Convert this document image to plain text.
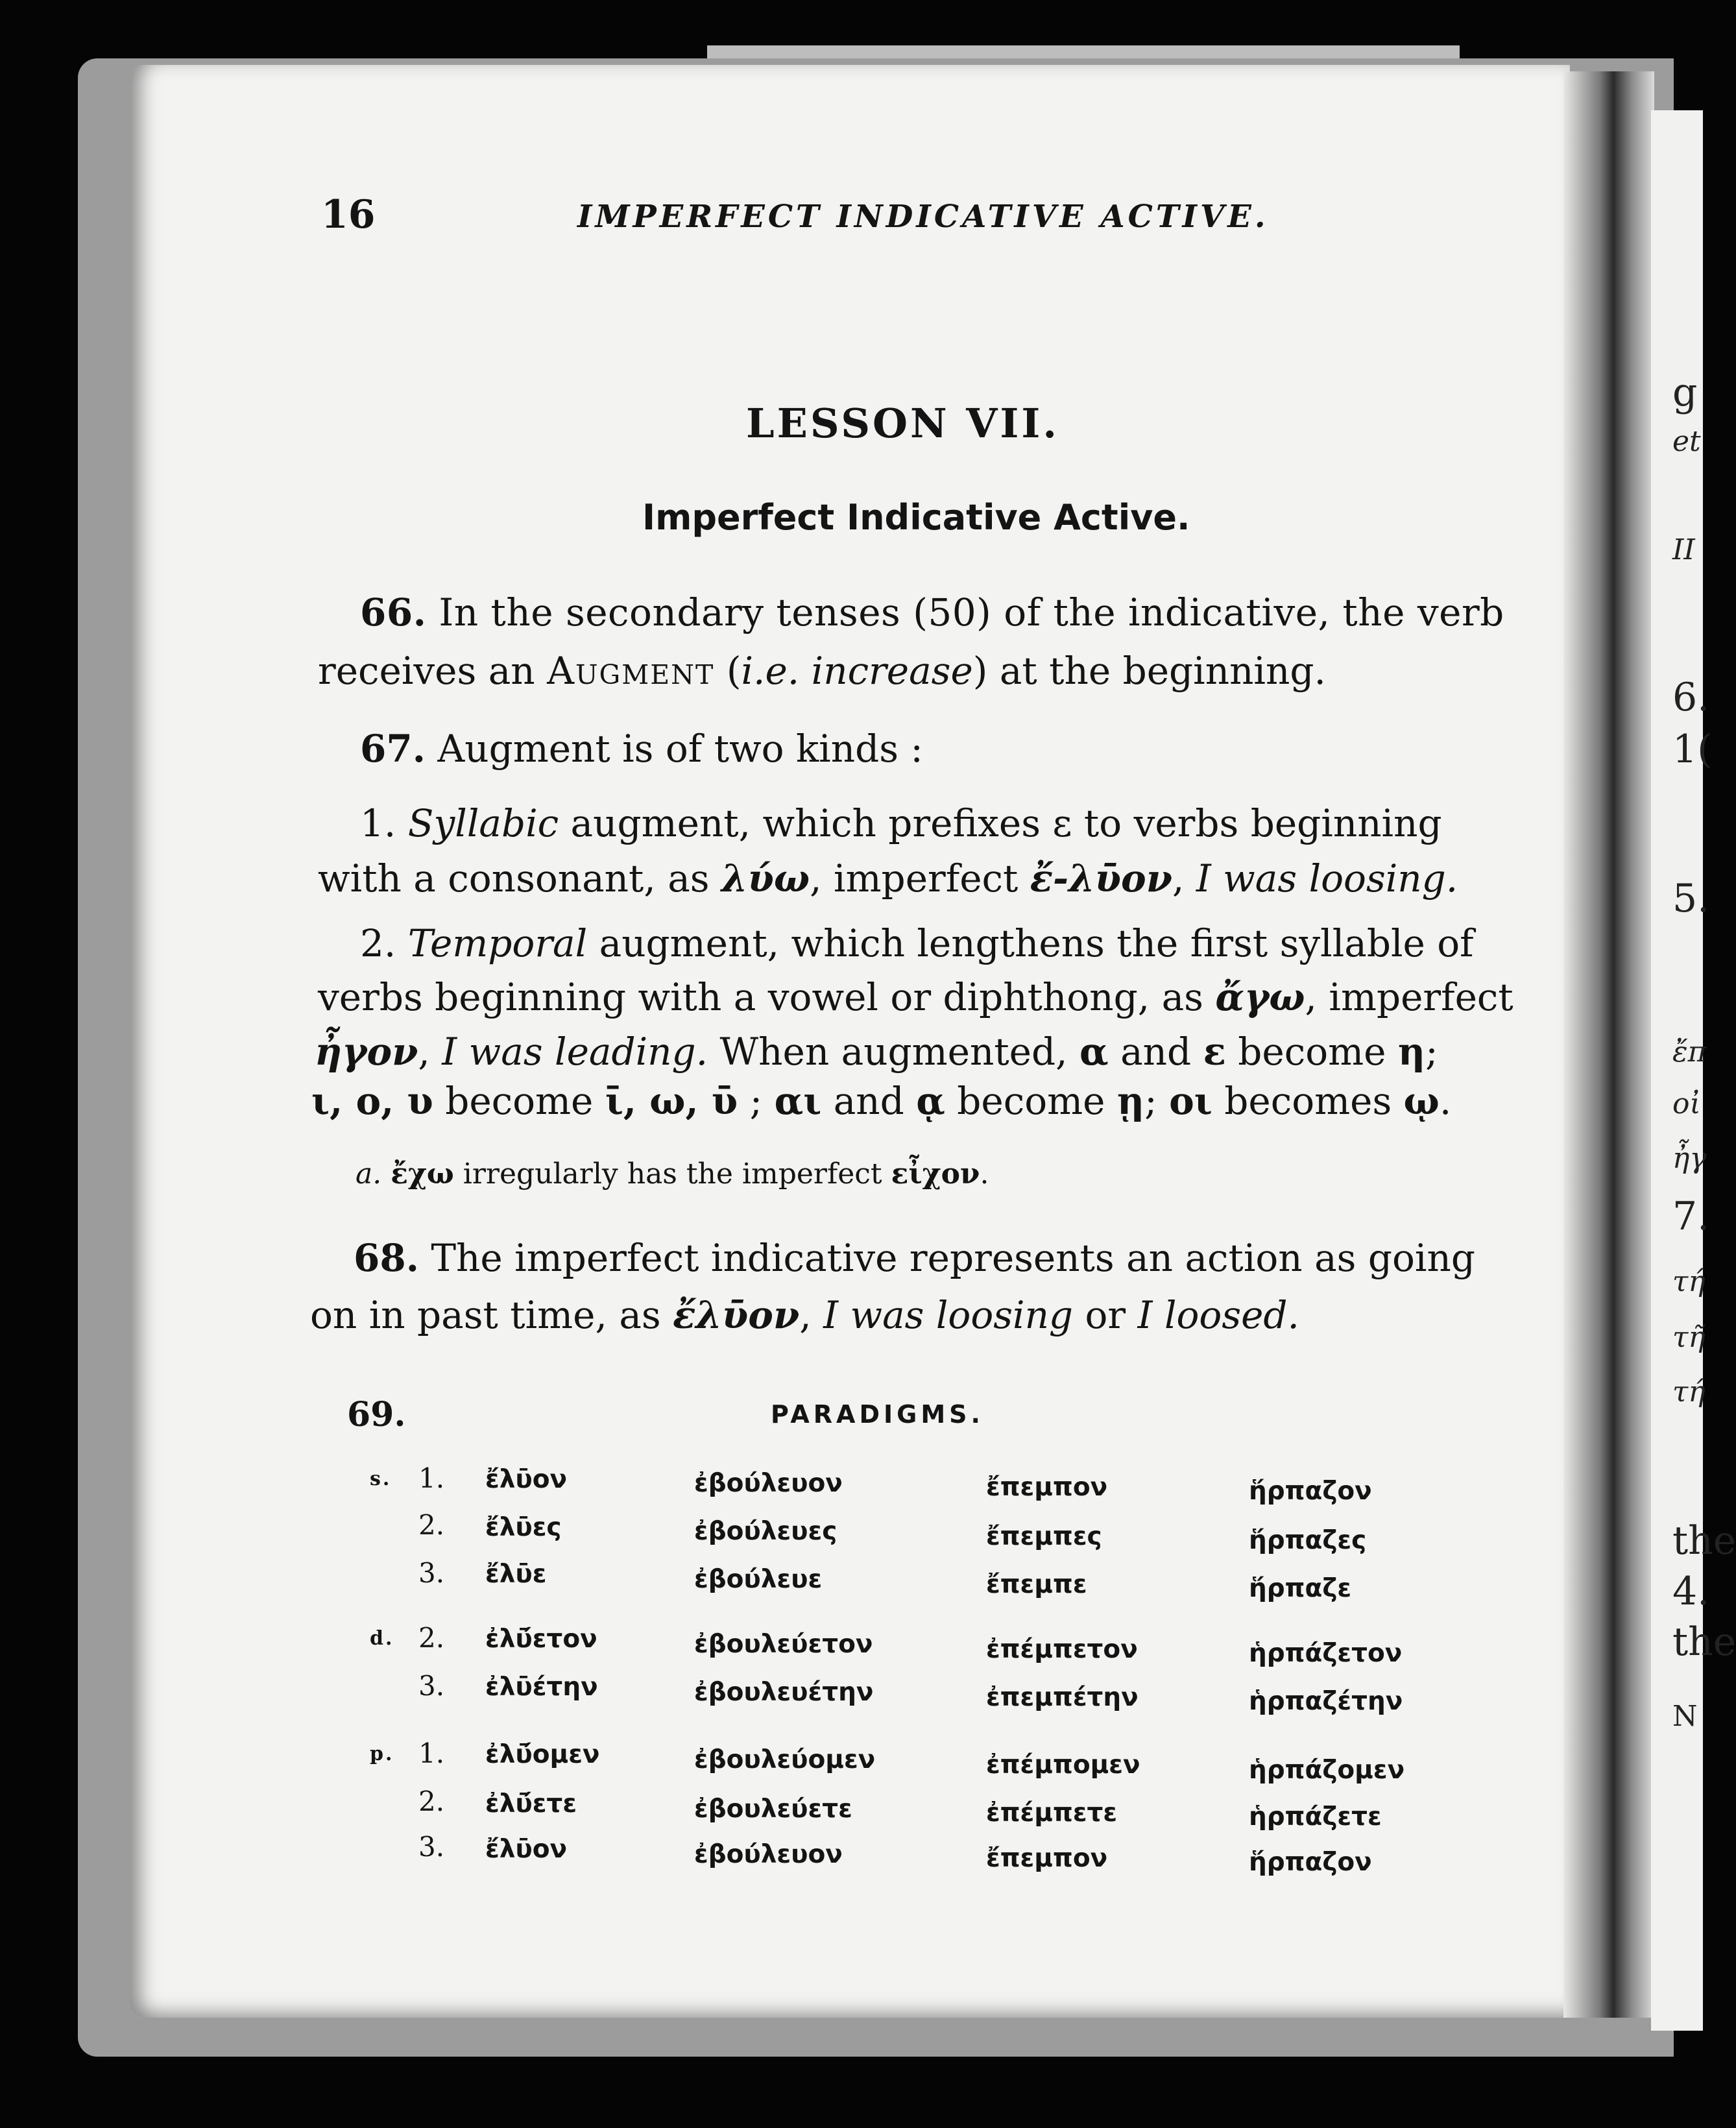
g
et
II
6.
1(
5.
ἔπ
οἰ
ἦγ
7.
τή
τῆ
τή
the
4.
the
N
16	IMPERFECT INDICATIVE ACTIVE.
LESSON VII.
Imperfect Indicative Active.
66. In the secondary tenses (50) of the indicative, the verb
receives an Augment (i.e. increase) at the beginning.
67. Augment is of two kinds :
1. Syllabic augment, which prefixes ε to verbs beginning
with a consonant, as λύω, imperfect ἔ-λῡον, I was loosing.
2. Temporal augment, which lengthens the first syllable of
verbs beginning with a vowel or diphthong, as ἄγω, imperfect
ἦγον, I was leading. When augmented, α and ε become η;
ι, ο, υ become ῑ, ω, ῡ ; αι and ᾳ become ῃ; οι becomes ῳ.
a. ἔχω irregularly has the imperfect εἶχον.
68. The imperfect indicative represents an action as going
on in past time, as ἔλῡον, I was loosing or I loosed.
69.	PARADIGMS.
s. 1. ἔλῡον	ἐβούλευον	ἔπεμπον	ἥρπαζον
2. ἔλῡες	ἐβούλευες	ἔπεμπες	ἥρπαζες
3. ἔλῡε	ἐβούλευε	ἔπεμπε	ἥρπαζε
d. 2. ἐλῡ́ετον	ἐβουλεύετον	ἐπέμπετον	ἡρπάζετον
3. ἐλῡέτην	ἐβουλευέτην	ἐπεμπέτην	ἡρπαζέτην
p. 1. ἐλῡ́ομεν	ἐβουλεύομεν	ἐπέμπομεν	ἡρπάζομεν
2. ἐλῡ́ετε	ἐβουλεύετε	ἐπέμπετε	ἡρπάζετε
3. ἔλῡον	ἐβούλευον	ἔπεμπον	ἥρπαζον
